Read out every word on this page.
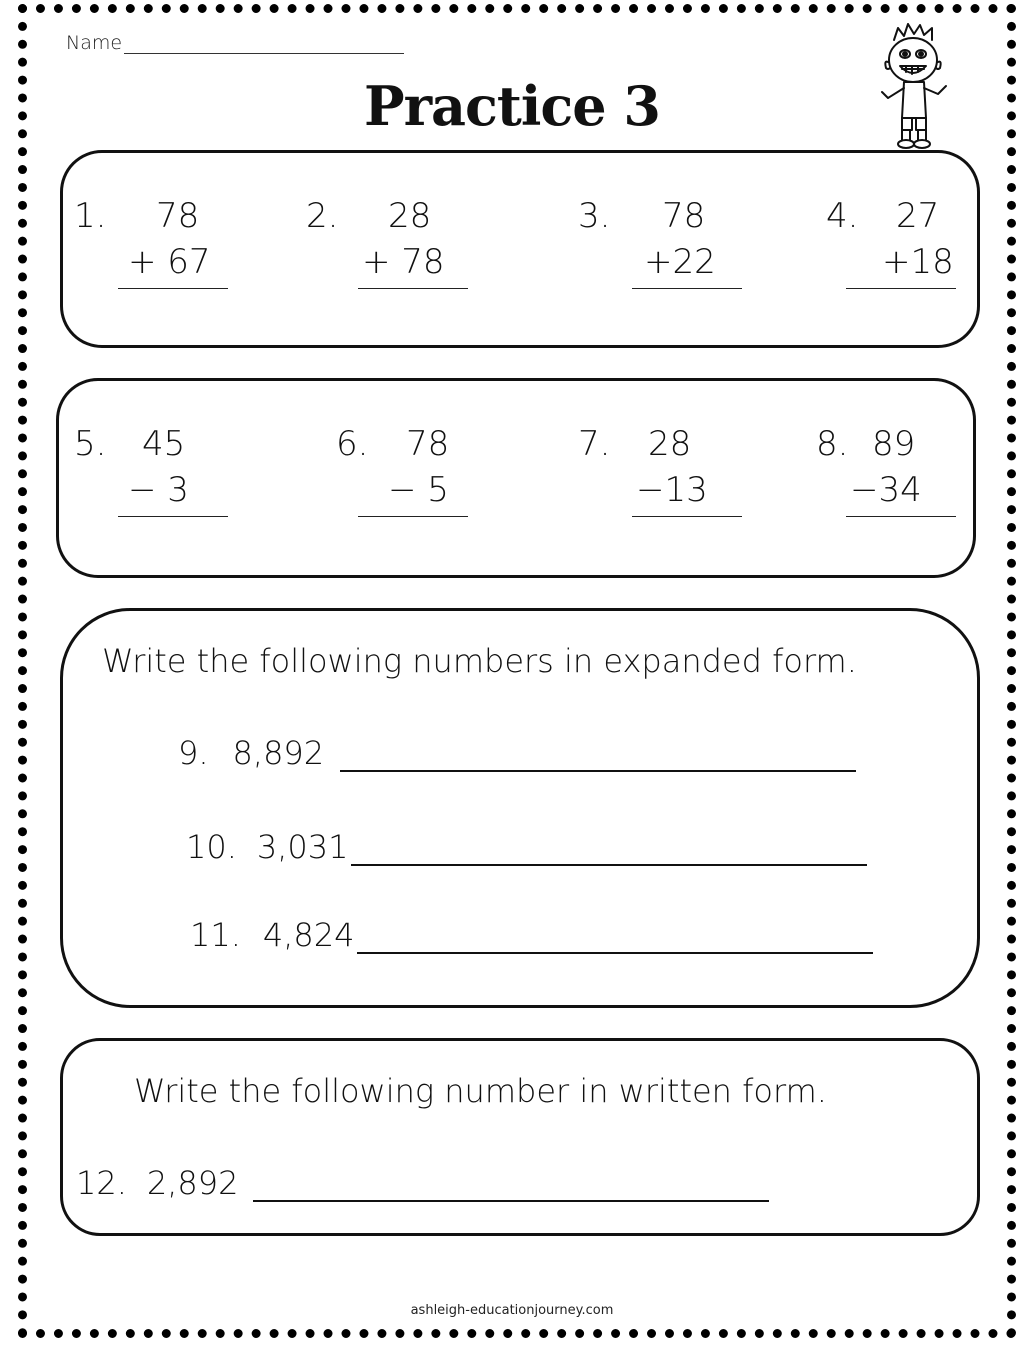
Name
Practice 3
1. 78
+ 67
2. 28
+ 78
3. 78
+22
4. 27
+18
5. 45
− 3
6. 78
− 5
7. 28
−13
8. 89
−34
Write the following numbers in expanded form.
9. 8,892
10. 3,031
11. 4,824
Write the following number in written form.
12. 2,892
ashleigh-educationjourney.com
